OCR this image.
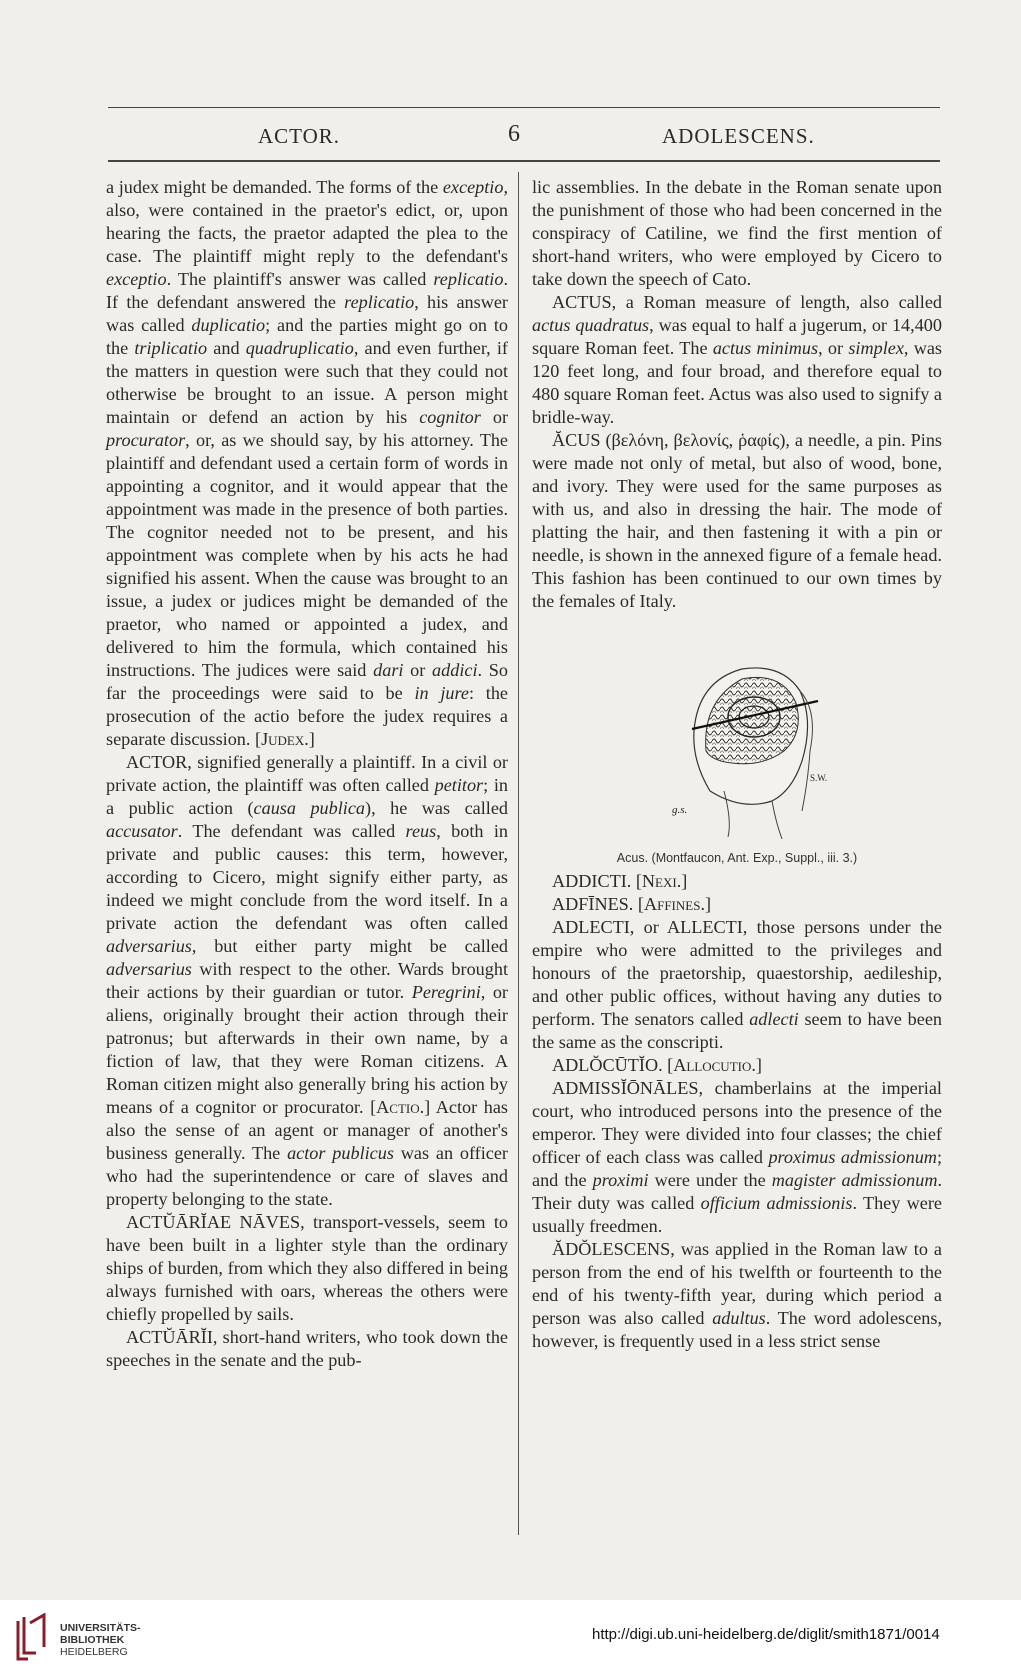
ACTOR.	6	ADOLESCENS.

a judex might be demanded. The forms of the exceptio, also, were contained in the praetor's edict, or, upon hearing the facts, the praetor adapted the plea to the case. The plaintiff might reply to the defendant's exceptio. The plaintiff's answer was called replicatio. If the defendant answered the replicatio, his answer was called duplicatio; and the parties might go on to the triplicatio and quadruplicatio, and even further, if the matters in question were such that they could not otherwise be brought to an issue. A person might maintain or defend an action by his cognitor or procurator, or, as we should say, by his attorney. The plaintiff and defendant used a certain form of words in appointing a cognitor, and it would appear that the appointment was made in the presence of both parties. The cognitor needed not to be present, and his appointment was complete when by his acts he had signified his assent. When the cause was brought to an issue, a judex or judices might be demanded of the praetor, who named or appointed a judex, and delivered to him the formula, which contained his instructions. The judices were said dari or addici. So far the proceedings were said to be in jure: the prosecution of the actio before the judex requires a separate discussion. [Judex.]

ACTOR, signified generally a plaintiff. In a civil or private action, the plaintiff was often called petitor; in a public action (causa publica), he was called accusator. The defendant was called reus, both in private and public causes: this term, however, according to Cicero, might signify either party, as indeed we might conclude from the word itself. In a private action the defendant was often called adversarius, but either party might be called adversarius with respect to the other. Wards brought their actions by their guardian or tutor. Peregrini, or aliens, originally brought their action through their patronus; but afterwards in their own name, by a fiction of law, that they were Roman citizens. A Roman citizen might also generally bring his action by means of a cognitor or procurator. [Actio.] Actor has also the sense of an agent or manager of another's business generally. The actor publicus was an officer who had the superintendence or care of slaves and property belonging to the state.

ACTŬĀRĬAE NĀVES, transport-vessels, seem to have been built in a lighter style than the ordinary ships of burden, from which they also differed in being always furnished with oars, whereas the others were chiefly propelled by sails.

ACTŬĀRĬI, short-hand writers, who took down the speeches in the senate and the pub-

lic assemblies. In the debate in the Roman senate upon the punishment of those who had been concerned in the conspiracy of Catiline, we find the first mention of short-hand writers, who were employed by Cicero to take down the speech of Cato.

ACTUS, a Roman measure of length, also called actus quadratus, was equal to half a jugerum, or 14,400 square Roman feet. The actus minimus, or simplex, was 120 feet long, and four broad, and therefore equal to 480 square Roman feet. Actus was also used to signify a bridle-way.

ĂCUS (βελόνη, βελονίς, ῥαφίς), a needle, a pin. Pins were made not only of metal, but also of wood, bone, and ivory. They were used for the same purposes as with us, and also in dressing the hair. The mode of platting the hair, and then fastening it with a pin or needle, is shown in the annexed figure of a female head. This fashion has been continued to our own times by the females of Italy.

g.s.
S.W.

Acus. (Montfaucon, Ant. Exp., Suppl., iii. 3.)

ADDICTI. [Nexi.]

ADFĪNES. [Affines.]

ADLECTI, or ALLECTI, those persons under the empire who were admitted to the privileges and honours of the praetorship, quaestorship, aedileship, and other public offices, without having any duties to perform. The senators called adlecti seem to have been the same as the conscripti.

ADLŎCŪTĬO. [Allocutio.]

ADMISSĬŌNĀLES, chamberlains at the imperial court, who introduced persons into the presence of the emperor. They were divided into four classes; the chief officer of each class was called proximus admissionum; and the proximi were under the magister admissionum. Their duty was called officium admissionis. They were usually freedmen.

ĂDŎLESCENS, was applied in the Roman law to a person from the end of his twelfth or fourteenth to the end of his twenty-fifth year, during which period a person was also called adultus. The word adolescens, however, is frequently used in a less strict sense

UNIVERSITÄTS-
BIBLIOTHEK
HEIDELBERG
http://digi.ub.uni-heidelberg.de/diglit/smith1871/0014
